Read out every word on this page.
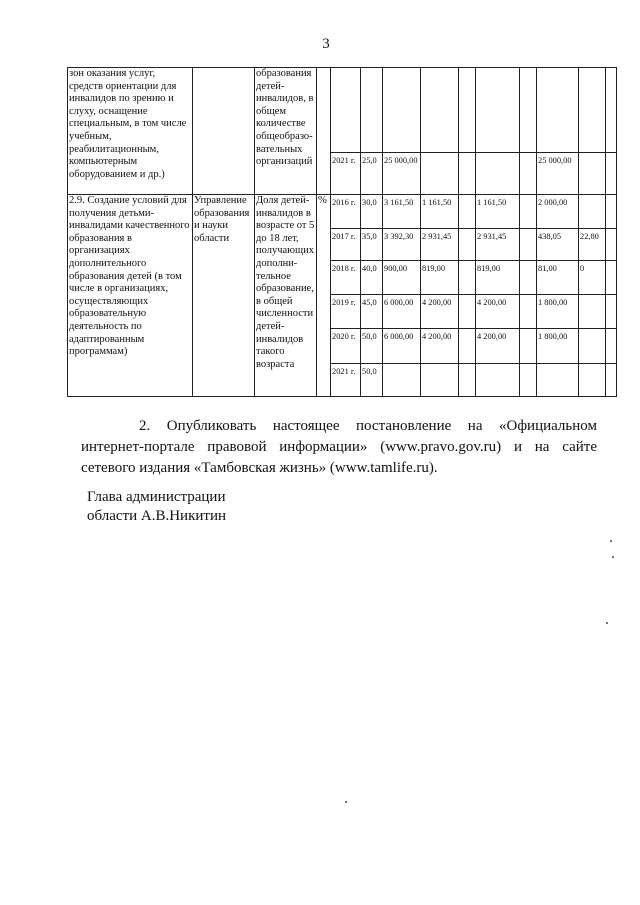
3
зон оказания услуг, средств ориентации для инвалидов по зрению и слуху, оснащение специальным, в том числе учебным, реабилитационным, компьютерным оборудованием и др.)		образования детей-инвалидов, в общем количестве общеобразо-вательных организаций											
				2021 г.	25,0	25 000,00					25 000,00		
2.9. Создание условий для получения детьми-инвалидами качественного образования в организациях дополнительного образования детей (в том числе в организациях, осуществляющих образовательную деятельность по адаптированным программам)	Управление образования и науки области	Доля детей-инвалидов в возрасте от 5 до 18 лет, получающих дополни-тельное образование, в общей численности детей-инвалидов такого возраста	%	2016 г.	30,0	3 161,50	1 161,50		1 161,50		2 000,00		
				2017 г.	35,0	3 392,30	2 931,45		2 931,45		438,05	22,80	
				2018 г.	40,0	900,00	819,00		819,00		81,00	0	
				2019 г.	45,0	6 000,00	4 200,00		4 200,00		1 800,00		
				2020 г.	50,0	6 000,00	4 200,00		4 200,00		1 800,00		
				2021 г.	50,0								
2. Опубликовать настоящее постановление на «Официальном
интернет-портале правовой информации» (www.pravo.gov.ru) и на сайте
сетевого издания «Тамбовская жизнь» (www.tamlife.ru).
Глава администрации
области А.В.Никитин
